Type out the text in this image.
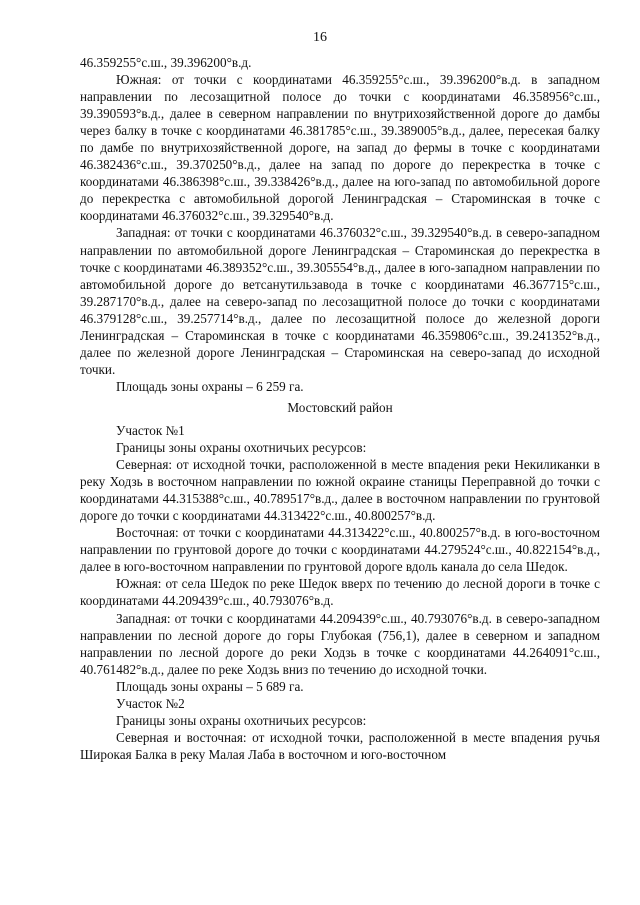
16

46.359255°с.ш., 39.396200°в.д.

Южная: от точки с координатами 46.359255°с.ш., 39.396200°в.д. в западном направлении по лесозащитной полосе до точки с координатами 46.358956°с.ш., 39.390593°в.д., далее в северном направлении по внутрихозяйственной дороге до дамбы через балку в точке с координатами 46.381785°с.ш., 39.389005°в.д., далее, пересекая балку по дамбе по внутрихозяйственной дороге, на запад до фермы в точке с координатами 46.382436°с.ш., 39.370250°в.д., далее на запад по дороге до перекрестка в точке с координатами 46.386398°с.ш., 39.338426°в.д., далее на юго-запад по автомобильной дороге до перекрестка с автомобильной дорогой Ленинградская – Староминская в точке с координатами 46.376032°с.ш., 39.329540°в.д.

Западная: от точки с координатами 46.376032°с.ш., 39.329540°в.д. в северо-западном направлении по автомобильной дороге Ленинградская – Староминская до перекрестка в точке с координатами 46.389352°с.ш., 39.305554°в.д., далее в юго-западном направлении по автомобильной дороге до ветсанутильзавода в точке с координатами 46.367715°с.ш., 39.287170°в.д., далее на северо-запад по лесозащитной полосе до точки с координатами 46.379128°с.ш., 39.257714°в.д., далее по лесозащитной полосе до железной дороги Ленинградская – Староминская в точке с координатами 46.359806°с.ш., 39.241352°в.д., далее по железной дороге Ленинградская – Староминская на северо-запад до исходной точки.

Площадь зоны охраны – 6 259 га.

Мостовский район

Участок №1

Границы зоны охраны охотничьих ресурсов:

Северная: от исходной точки, расположенной в месте впадения реки Некиликанки в реку Ходзь в восточном направлении по южной окраине станицы Переправной до точки с координатами 44.315388°с.ш., 40.789517°в.д., далее в восточном направлении по грунтовой дороге до точки с координатами 44.313422°с.ш., 40.800257°в.д.

Восточная: от точки с координатами 44.313422°с.ш., 40.800257°в.д. в юго-восточном направлении по грунтовой дороге до точки с координатами 44.279524°с.ш., 40.822154°в.д., далее в юго-восточном направлении по грунтовой дороге вдоль канала до села Шедок.

Южная: от села Шедок по реке Шедок вверх по течению до лесной дороги в точке с координатами 44.209439°с.ш., 40.793076°в.д.

Западная: от точки с координатами 44.209439°с.ш., 40.793076°в.д. в северо-западном направлении по лесной дороге до горы Глубокая (756,1), далее в северном и западном направлении по лесной дороге до реки Ходзь в точке с координатами 44.264091°с.ш., 40.761482°в.д., далее по реке Ходзь вниз по течению до исходной точки.

Площадь зоны охраны – 5 689 га.

Участок №2

Границы зоны охраны охотничьих ресурсов:

Северная и восточная: от исходной точки, расположенной в месте впадения ручья Широкая Балка в реку Малая Лаба в восточном и юго-восточном
